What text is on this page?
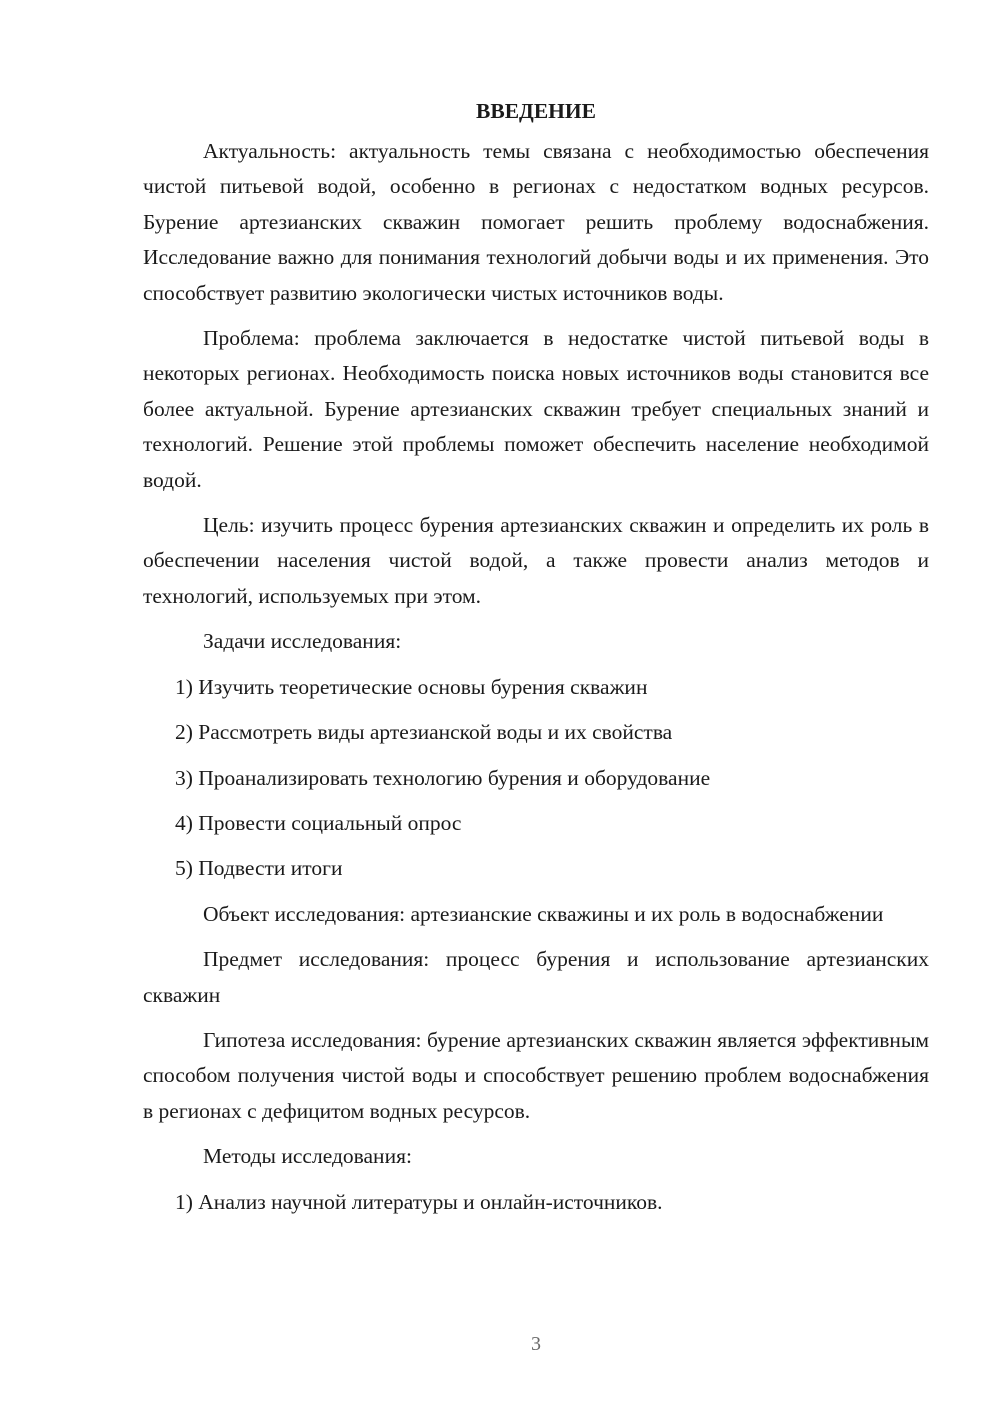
ВВЕДЕНИЕ

Актуальность: актуальность темы связана с необходимостью обеспечения чистой питьевой водой, особенно в регионах с недостатком водных ресурсов. Бурение артезианских скважин помогает решить проблему водоснабжения. Исследование важно для понимания технологий добычи воды и их применения. Это способствует развитию экологически чистых источников воды.

Проблема: проблема заключается в недостатке чистой питьевой воды в некоторых регионах. Необходимость поиска новых источников воды становится все более актуальной. Бурение артезианских скважин требует специальных знаний и технологий. Решение этой проблемы поможет обеспечить население необходимой водой.

Цель: изучить процесс бурения артезианских скважин и определить их роль в обеспечении населения чистой водой, а также провести анализ методов и технологий, используемых при этом.

Задачи исследования:

1) Изучить теоретические основы бурения скважин

2) Рассмотреть виды артезианской воды и их свойства

3) Проанализировать технологию бурения и оборудование

4) Провести социальный опрос

5) Подвести итоги

Объект исследования: артезианские скважины и их роль в водоснабжении

Предмет исследования: процесс бурения и использование артезианских скважин

Гипотеза исследования: бурение артезианских скважин является эффективным способом получения чистой воды и способствует решению проблем водоснабжения в регионах с дефицитом водных ресурсов.

Методы исследования:

1) Анализ научной литературы и онлайн-источников.

3
